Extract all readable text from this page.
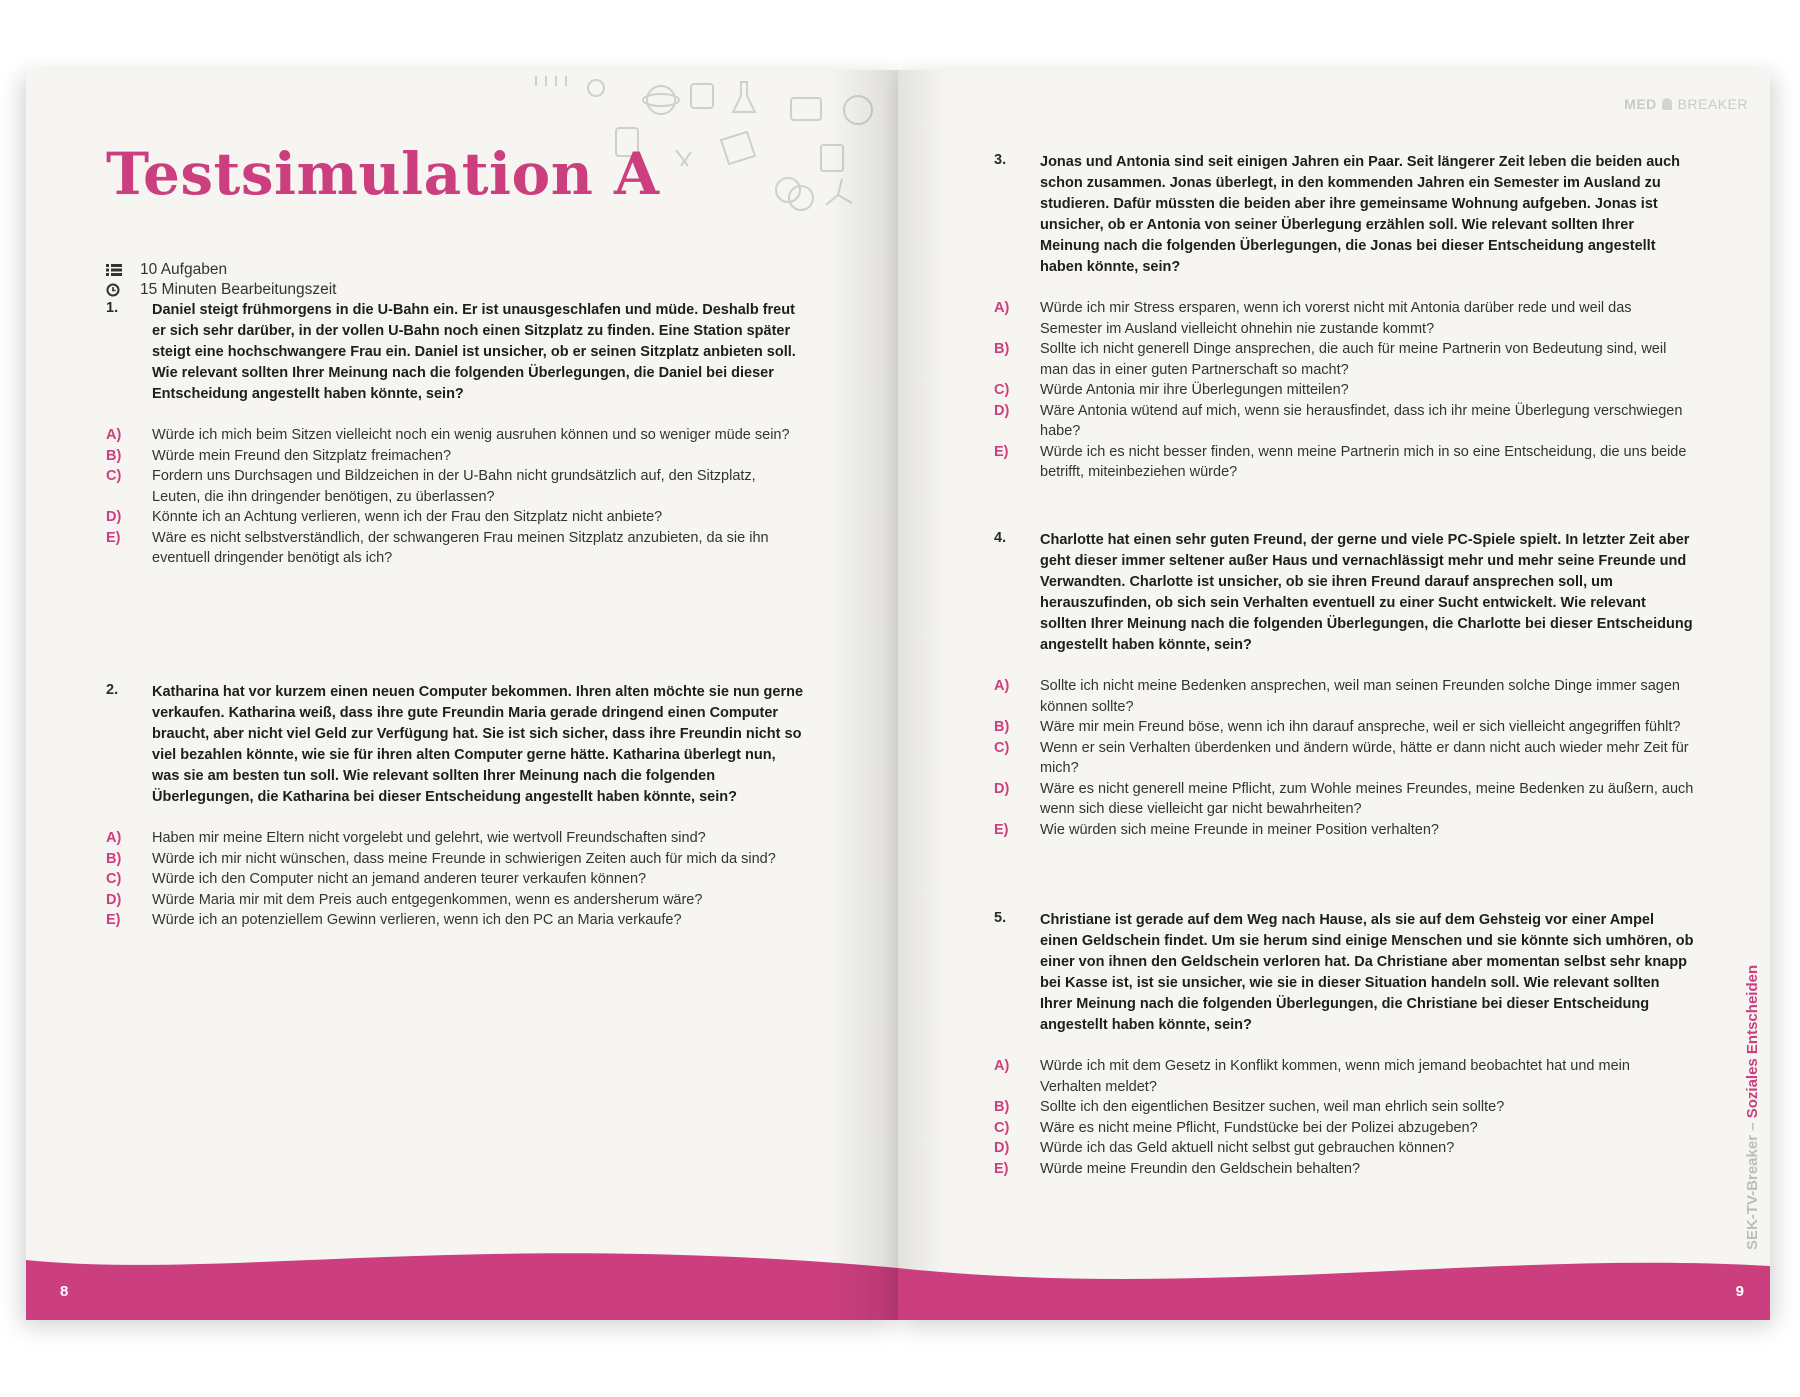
Testsimulation A
10 Aufgaben
15 Minuten Bearbeitungszeit
1.	Daniel steigt frühmorgens in die U-Bahn ein. Er ist unausgeschlafen und müde. Deshalb freut er sich sehr darüber, in der vollen U-Bahn noch einen Sitzplatz zu finden. Eine Station später steigt eine hochschwangere Frau ein. Daniel ist unsicher, ob er seinen Sitzplatz anbieten soll. Wie relevant sollten Ihrer Meinung nach die folgenden Überlegungen, die Daniel bei dieser Entscheidung angestellt haben könnte, sein?
A)	Würde ich mich beim Sitzen vielleicht noch ein wenig ausruhen können und so weniger müde sein?
B)	Würde mein Freund den Sitzplatz freimachen?
C)	Fordern uns Durchsagen und Bildzeichen in der U-Bahn nicht grundsätzlich auf, den Sitzplatz, Leuten, die ihn dringender benötigen, zu überlassen?
D)	Könnte ich an Achtung verlieren, wenn ich der Frau den Sitzplatz nicht anbiete?
E)	Wäre es nicht selbstverständlich, der schwangeren Frau meinen Sitzplatz anzubieten, da sie ihn eventuell dringender benötigt als ich?
2.	Katharina hat vor kurzem einen neuen Computer bekommen. Ihren alten möchte sie nun gerne verkaufen. Katharina weiß, dass ihre gute Freundin Maria gerade dringend einen Computer braucht, aber nicht viel Geld zur Verfügung hat. Sie ist sich sicher, dass ihre Freundin nicht so viel bezahlen könnte, wie sie für ihren alten Computer gerne hätte. Katharina überlegt nun, was sie am besten tun soll. Wie relevant sollten Ihrer Meinung nach die folgenden Überlegungen, die Katharina bei dieser Entscheidung angestellt haben könnte, sein?
A)	Haben mir meine Eltern nicht vorgelebt und gelehrt, wie wertvoll Freundschaften sind?
B)	Würde ich mir nicht wünschen, dass meine Freunde in schwierigen Zeiten auch für mich da sind?
C)	Würde ich den Computer nicht an jemand anderen teurer verkaufen können?
D)	Würde Maria mir mit dem Preis auch entgegenkommen, wenn es andersherum wäre?
E)	Würde ich an potenziellem Gewinn verlieren, wenn ich den PC an Maria verkaufe?
8
MED BREAKER
3.	Jonas und Antonia sind seit einigen Jahren ein Paar. Seit längerer Zeit leben die beiden auch schon zusammen. Jonas überlegt, in den kommenden Jahren ein Semester im Ausland zu studieren. Dafür müssten die beiden aber ihre gemeinsame Wohnung aufgeben. Jonas ist unsicher, ob er Antonia von seiner Überlegung erzählen soll. Wie relevant sollten Ihrer Meinung nach die folgenden Überlegungen, die Jonas bei dieser Entscheidung angestellt haben könnte, sein?
A)	Würde ich mir Stress ersparen, wenn ich vorerst nicht mit Antonia darüber rede und weil das Semester im Ausland vielleicht ohnehin nie zustande kommt?
B)	Sollte ich nicht generell Dinge ansprechen, die auch für meine Partnerin von Bedeutung sind, weil man das in einer guten Partnerschaft so macht?
C)	Würde Antonia mir ihre Überlegungen mitteilen?
D)	Wäre Antonia wütend auf mich, wenn sie herausfindet, dass ich ihr meine Überlegung verschwiegen habe?
E)	Würde ich es nicht besser finden, wenn meine Partnerin mich in so eine Entscheidung, die uns beide betrifft, miteinbeziehen würde?
4.	Charlotte hat einen sehr guten Freund, der gerne und viele PC-Spiele spielt. In letzter Zeit aber geht dieser immer seltener außer Haus und vernachlässigt mehr und mehr seine Freunde und Verwandten. Charlotte ist unsicher, ob sie ihren Freund darauf ansprechen soll, um herauszufinden, ob sich sein Verhalten eventuell zu einer Sucht entwickelt. Wie relevant sollten Ihrer Meinung nach die folgenden Überlegungen, die Charlotte bei dieser Entscheidung angestellt haben könnte, sein?
A)	Sollte ich nicht meine Bedenken ansprechen, weil man seinen Freunden solche Dinge immer sagen können sollte?
B)	Wäre mir mein Freund böse, wenn ich ihn darauf anspreche, weil er sich vielleicht angegriffen fühlt?
C)	Wenn er sein Verhalten überdenken und ändern würde, hätte er dann nicht auch wieder mehr Zeit für mich?
D)	Wäre es nicht generell meine Pflicht, zum Wohle meines Freundes, meine Bedenken zu äußern, auch wenn sich diese vielleicht gar nicht bewahrheiten?
E)	Wie würden sich meine Freunde in meiner Position verhalten?
5.	Christiane ist gerade auf dem Weg nach Hause, als sie auf dem Gehsteig vor einer Ampel einen Geldschein findet. Um sie herum sind einige Menschen und sie könnte sich umhören, ob einer von ihnen den Geldschein verloren hat. Da Christiane aber momentan selbst sehr knapp bei Kasse ist, ist sie unsicher, wie sie in dieser Situation handeln soll. Wie relevant sollten Ihrer Meinung nach die folgenden Überlegungen, die Christiane bei dieser Entscheidung angestellt haben könnte, sein?
A)	Würde ich mit dem Gesetz in Konflikt kommen, wenn mich jemand beobachtet hat und mein Verhalten meldet?
B)	Sollte ich den eigentlichen Besitzer suchen, weil man ehrlich sein sollte?
C)	Wäre es nicht meine Pflicht, Fundstücke bei der Polizei abzugeben?
D)	Würde ich das Geld aktuell nicht selbst gut gebrauchen können?
E)	Würde meine Freundin den Geldschein behalten?	SEK-TV-Breaker – Soziales Entscheiden
9
